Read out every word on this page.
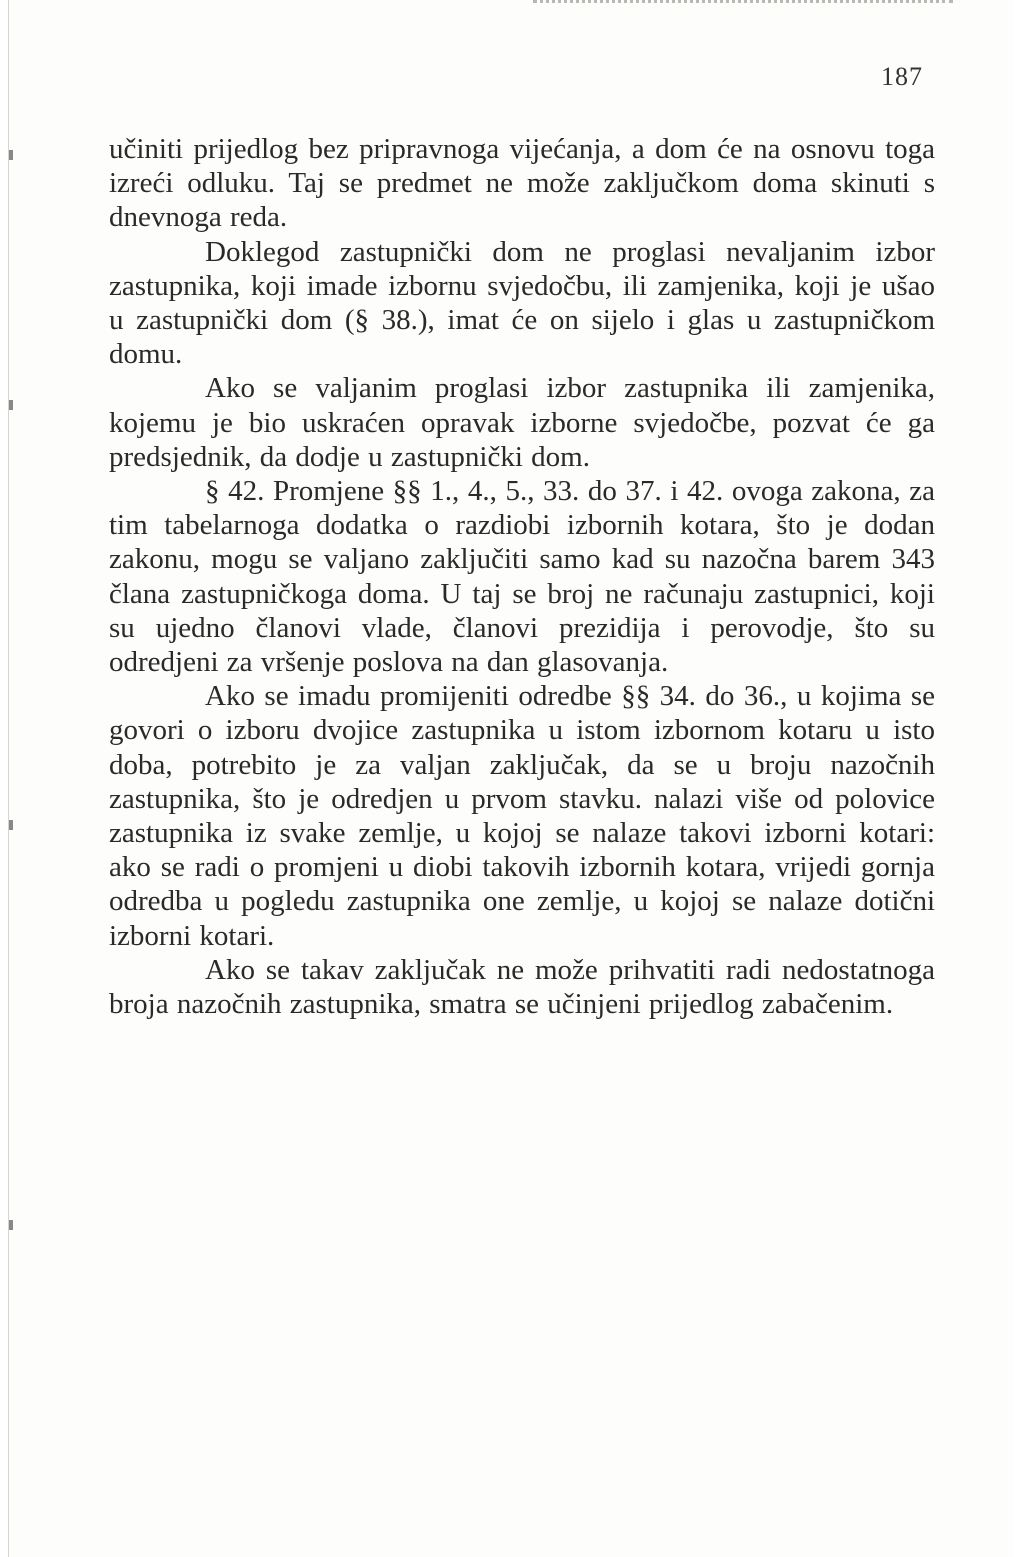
187

učiniti prijedlog bez pripravnoga vijećanja, a dom će na osnovu toga izreći odluku. Taj se predmet ne može zaključkom doma skinuti s dnevnoga reda.

Doklegod zastupnički dom ne proglasi nevaljanim izbor zastupnika, koji imade izbornu svjedočbu, ili zamjenika, koji je ušao u zastupnički dom (§ 38.), imat će on sijelo i glas u zastupničkom domu.

Ako se valjanim proglasi izbor zastupnika ili zamjenika, kojemu je bio uskraćen opravak izborne svjedočbe, pozvat će ga predsjednik, da dodje u zastupnički dom.

§ 42. Promjene §§ 1., 4., 5., 33. do 37. i 42. ovoga zakona, za tim tabelarnoga dodatka o razdiobi izbornih kotara, što je dodan zakonu, mogu se valjano zaključiti samo kad su nazočna barem 343 člana zastupničkoga doma. U taj se broj ne računaju zastupnici, koji su ujedno članovi vlade, članovi prezidija i perovodje, što su odredjeni za vršenje poslova na dan glasovanja.

Ako se imadu promijeniti odredbe §§ 34. do 36., u kojima se govori o izboru dvojice zastupnika u istom izbornom kotaru u isto doba, potrebito je za valjan zaključak, da se u broju nazočnih zastupnika, što je odredjen u prvom stavku. nalazi više od polovice zastupnika iz svake zemlje, u kojoj se nalaze takovi izborni kotari: ako se radi o promjeni u diobi takovih izbornih kotara, vrijedi gornja odredba u pogledu zastupnika one zemlje, u kojoj se nalaze dotični izborni kotari.

Ako se takav zaključak ne može prihvatiti radi nedostatnoga broja nazočnih zastupnika, smatra se učinjeni prijedlog zabačenim.
